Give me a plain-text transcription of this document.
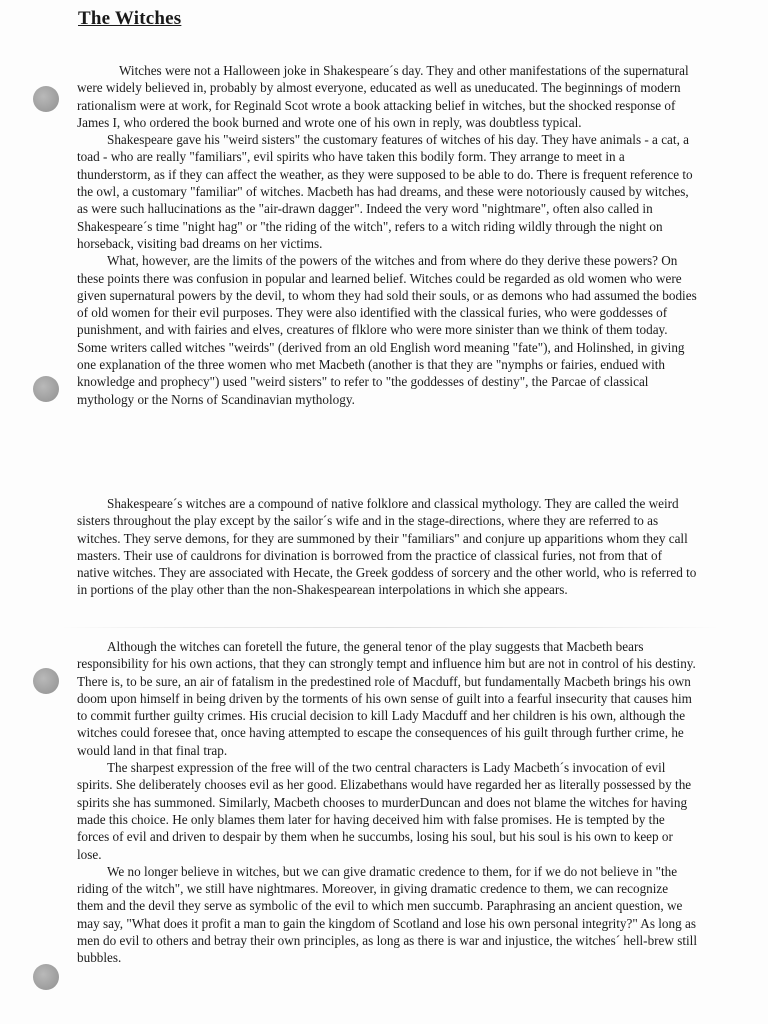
The Witches

Witches were not a Halloween joke in Shakespeare´s day. They and other manifestations of the supernatural were widely believed in, probably by almost everyone, educated as well as uneducated. The beginnings of modern rationalism were at work, for Reginald Scot wrote a book attacking belief in witches, but the shocked response of James I, who ordered the book burned and wrote one of his own in reply, was doubtless typical.

Shakespeare gave his "weird sisters" the customary features of witches of his day. They have animals - a cat, a toad - who are really "familiars", evil spirits who have taken this bodily form. They arrange to meet in a thunderstorm, as if they can affect the weather, as they were supposed to be able to do. There is frequent reference to the owl, a customary "familiar" of witches. Macbeth has had dreams, and these were notoriously caused by witches, as were such hallucinations as the "air-drawn dagger". Indeed the very word "nightmare", often also called in Shakespeare´s time "night hag" or "the riding of the witch", refers to a witch riding wildly through the night on horseback, visiting bad dreams on her victims.

What, however, are the limits of the powers of the witches and from where do they derive these powers? On these points there was confusion in popular and learned belief. Witches could be regarded as old women who were given supernatural powers by the devil, to whom they had sold their souls, or as demons who had assumed the bodies of old women for their evil purposes. They were also identified with the classical furies, who were goddesses of punishment, and with fairies and elves, creatures of flklore who were more sinister than we think of them today. Some writers called witches "weirds" (derived from an old English word meaning "fate"), and Holinshed, in giving one explanation of the three women who met Macbeth (another is that they are "nymphs or fairies, endued with knowledge and prophecy") used "weird sisters" to refer to "the goddesses of destiny", the Parcae of classical mythology or the Norns of Scandinavian mythology.

Shakespeare´s witches are a compound of native folklore and classical mythology. They are called the weird sisters throughout the play except by the sailor´s wife and in the stage-directions, where they are referred to as witches. They serve demons, for they are summoned by their "familiars" and conjure up apparitions whom they call masters. Their use of cauldrons for divination is borrowed from the practice of classical furies, not from that of native witches. They are associated with Hecate, the Greek goddess of sorcery and the other world, who is referred to in portions of the play other than the non-Shakespearean interpolations in which she appears.

Although the witches can foretell the future, the general tenor of the play suggests that Macbeth bears responsibility for his own actions, that they can strongly tempt and influence him but are not in control of his destiny. There is, to be sure, an air of fatalism in the predestined role of Macduff, but fundamentally Macbeth brings his own doom upon himself in being driven by the torments of his own sense of guilt into a fearful insecurity that causes him to commit further guilty crimes. His crucial decision to kill Lady Macduff and her children is his own, although the witches could foresee that, once having attempted to escape the consequences of his guilt through further crime, he would land in that final trap.

The sharpest expression of the free will of the two central characters is Lady Macbeth´s invocation of evil spirits. She deliberately chooses evil as her good. Elizabethans would have regarded her as literally possessed by the spirits she has summoned. Similarly, Macbeth chooses to murderDuncan and does not blame the witches for having made this choice. He only blames them later for having deceived him with false promises. He is tempted by the forces of evil and driven to despair by them when he succumbs, losing his soul, but his soul is his own to keep or lose.

We no longer believe in witches, but we can give dramatic credence to them, for if we do not believe in "the riding of the witch", we still have nightmares. Moreover, in giving dramatic credence to them, we can recognize them and the devil they serve as symbolic of the evil to which men succumb. Paraphrasing an ancient question, we may say, "What does it profit a man to gain the kingdom of Scotland and lose his own personal integrity?" As long as men do evil to others and betray their own principles, as long as there is war and injustice, the witches´ hell-brew still bubbles.
